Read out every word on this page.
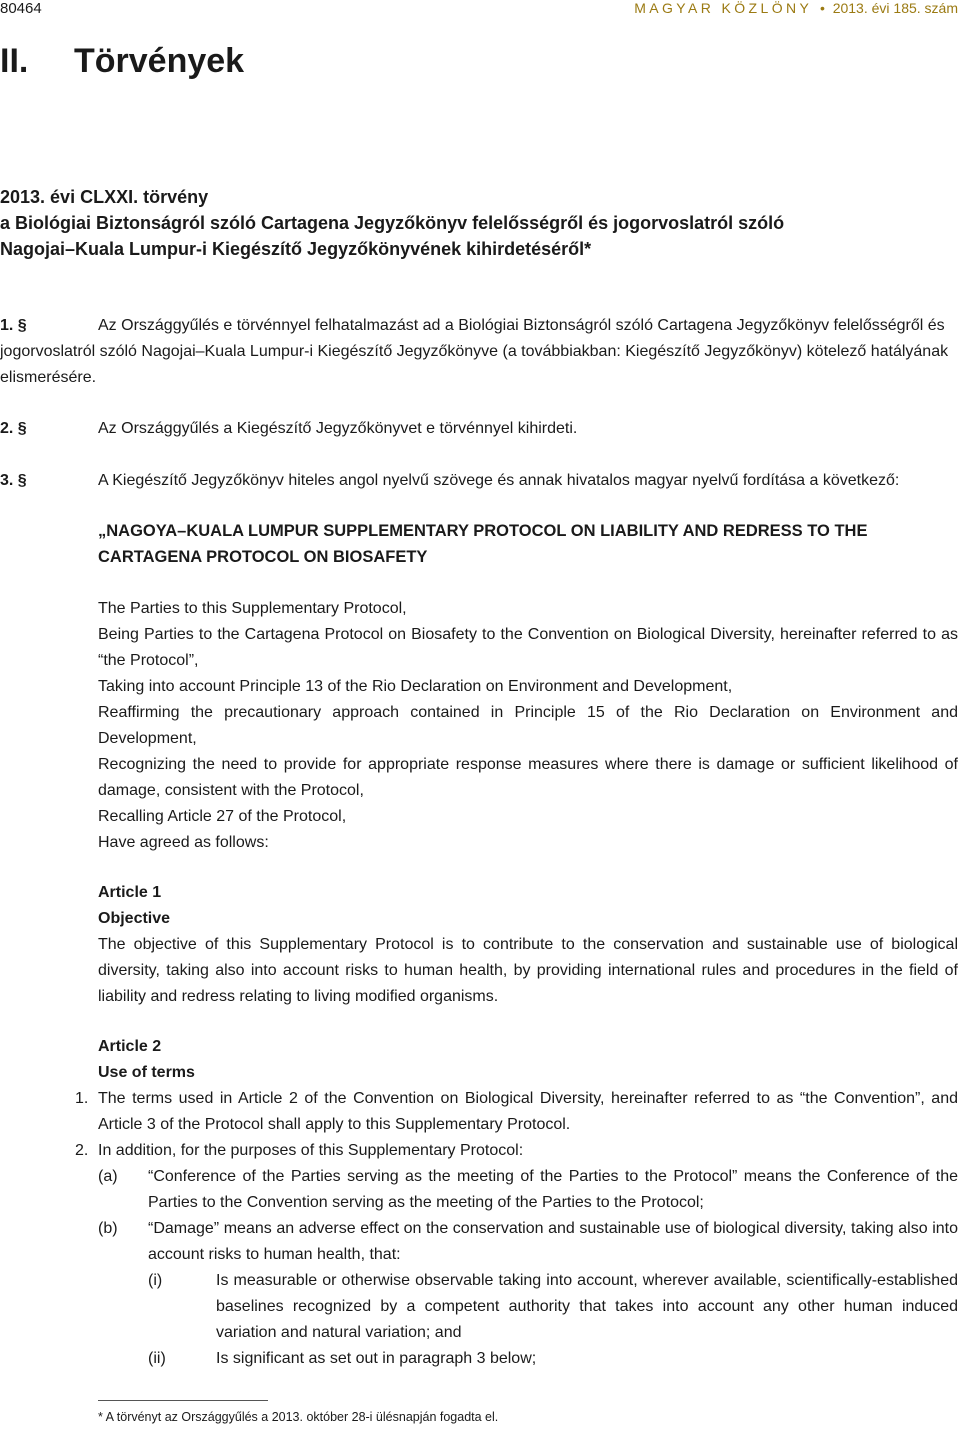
80464	MAGYAR KÖZLÖNY • 2013. évi 185. szám
II. Törvények
2013. évi CLXXI. törvény
a Biológiai Biztonságról szóló Cartagena Jegyzőkönyv felelősségről és jogorvoslatról szóló
Nagojai–Kuala Lumpur-i Kiegészítő Jegyzőkönyvének kihirdetéséről*
1. §	Az Országgyűlés e törvénnyel felhatalmazást ad a Biológiai Biztonságról szóló Cartagena Jegyzőkönyv felelősségről és jogorvoslatról szóló Nagojai–Kuala Lumpur-i Kiegészítő Jegyzőkönyve (a továbbiakban: Kiegészítő Jegyzőkönyv) kötelező hatályának elismerésére.
2. §	Az Országgyűlés a Kiegészítő Jegyzőkönyvet e törvénnyel kihirdeti.
3. §	A Kiegészítő Jegyzőkönyv hiteles angol nyelvű szövege és annak hivatalos magyar nyelvű fordítása a következő:
„NAGOYA–KUALA LUMPUR SUPPLEMENTARY PROTOCOL ON LIABILITY AND REDRESS TO THE
CARTAGENA PROTOCOL ON BIOSAFETY
The Parties to this Supplementary Protocol,
Being Parties to the Cartagena Protocol on Biosafety to the Convention on Biological Diversity, hereinafter referred to as “the Protocol”,
Taking into account Principle 13 of the Rio Declaration on Environment and Development,
Reaffirming the precautionary approach contained in Principle 15 of the Rio Declaration on Environment and Development,
Recognizing the need to provide for appropriate response measures where there is damage or sufficient likelihood of damage, consistent with the Protocol,
Recalling Article 27 of the Protocol,
Have agreed as follows:
Article 1
Objective
The objective of this Supplementary Protocol is to contribute to the conservation and sustainable use of biological diversity, taking also into account risks to human health, by providing international rules and procedures in the field of liability and redress relating to living modified organisms.
Article 2
Use of terms
1. The terms used in Article 2 of the Convention on Biological Diversity, hereinafter referred to as “the Convention”, and Article 3 of the Protocol shall apply to this Supplementary Protocol.
2. In addition, for the purposes of this Supplementary Protocol:
(a) “Conference of the Parties serving as the meeting of the Parties to the Protocol” means the Conference of the Parties to the Convention serving as the meeting of the Parties to the Protocol;
(b) “Damage” means an adverse effect on the conservation and sustainable use of biological diversity, taking also into account risks to human health, that:
(i)	Is measurable or otherwise observable taking into account, wherever available, scientifically-established baselines recognized by a competent authority that takes into account any other human induced variation and natural variation; and
(ii)	Is significant as set out in paragraph 3 below;
* A törvényt az Országgyűlés a 2013. október 28-i ülésnapján fogadta el.
